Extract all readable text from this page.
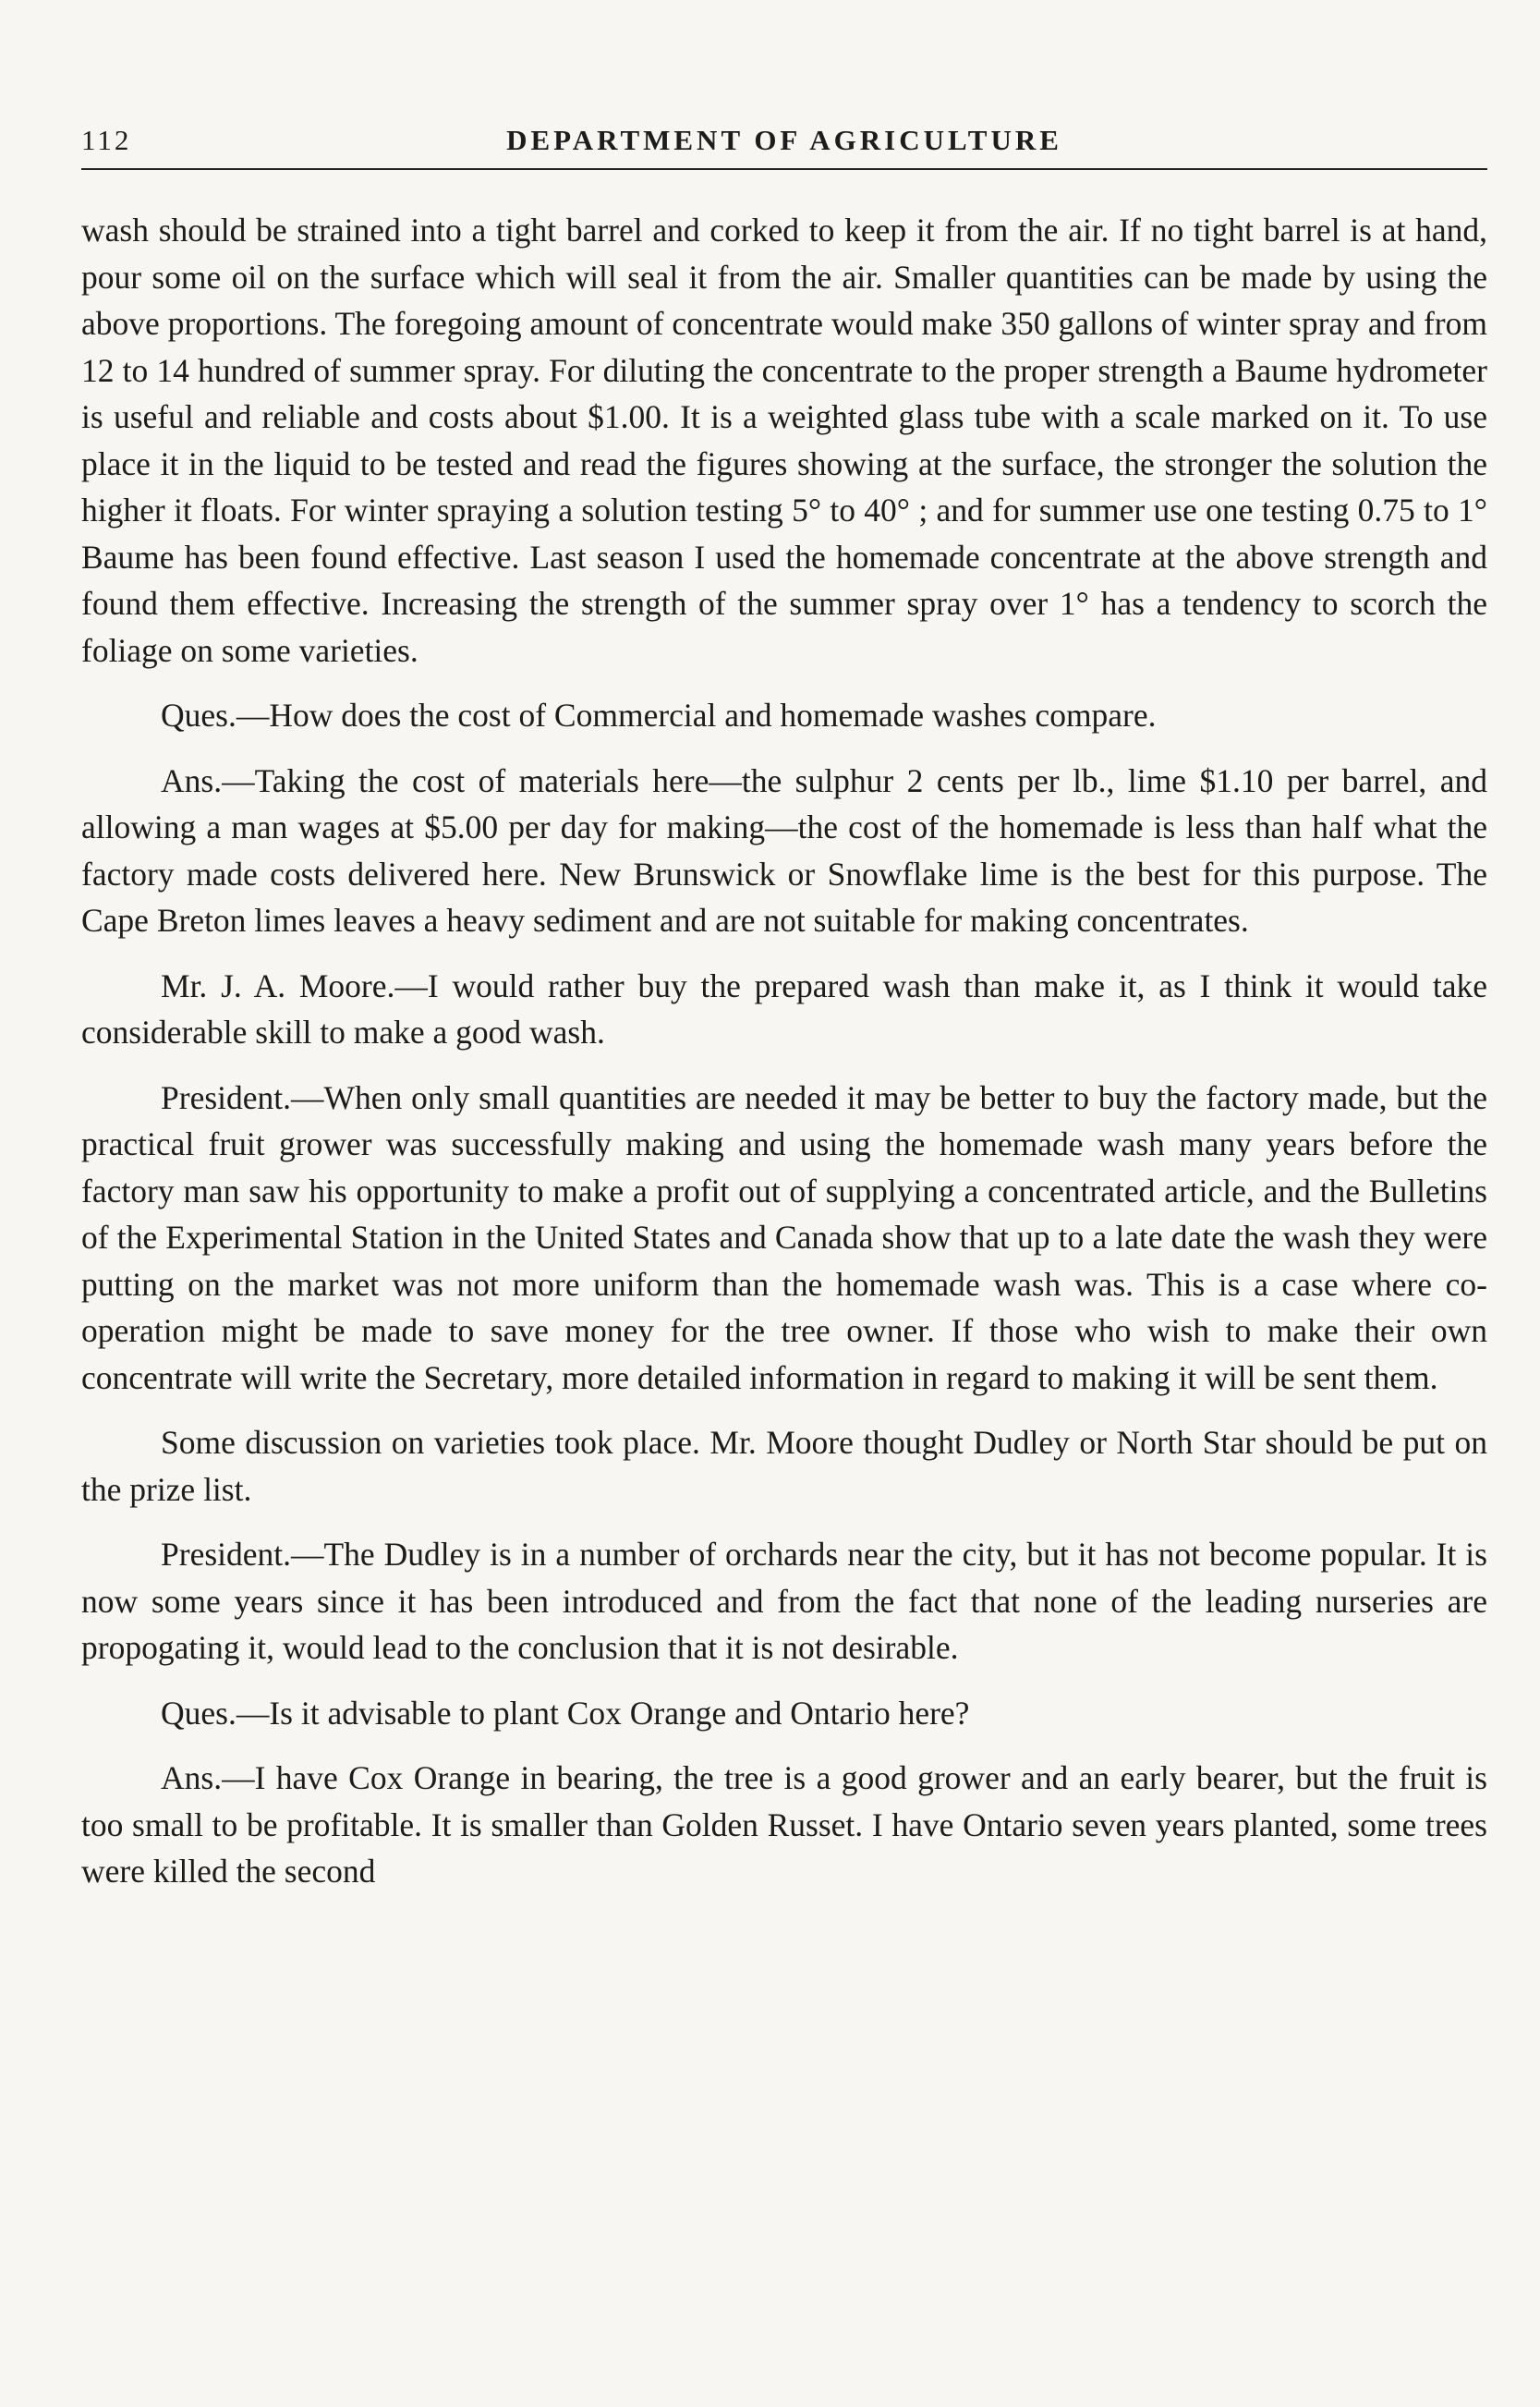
112	DEPARTMENT OF AGRICULTURE

wash should be strained into a tight barrel and corked to keep it from the air. If no tight barrel is at hand, pour some oil on the surface which will seal it from the air. Smaller quantities can be made by using the above proportions. The foregoing amount of concentrate would make 350 gallons of winter spray and from 12 to 14 hundred of summer spray. For diluting the concentrate to the proper strength a Baume hydrometer is useful and reliable and costs about $1.00. It is a weighted glass tube with a scale marked on it. To use place it in the liquid to be tested and read the figures showing at the surface, the stronger the solution the higher it floats. For winter spraying a solution testing 5° to 40° ; and for summer use one testing 0.75 to 1° Baume has been found effective. Last season I used the homemade concentrate at the above strength and found them effective. Increasing the strength of the summer spray over 1° has a tendency to scorch the foliage on some varieties.

Ques.—How does the cost of Commercial and homemade washes compare.

Ans.—Taking the cost of materials here—the sulphur 2 cents per lb., lime $1.10 per barrel, and allowing a man wages at $5.00 per day for making—the cost of the homemade is less than half what the factory made costs delivered here. New Brunswick or Snowflake lime is the best for this purpose. The Cape Breton limes leaves a heavy sediment and are not suitable for making concentrates.

Mr. J. A. Moore.—I would rather buy the prepared wash than make it, as I think it would take considerable skill to make a good wash.

President.—When only small quantities are needed it may be better to buy the factory made, but the practical fruit grower was successfully making and using the homemade wash many years before the factory man saw his opportunity to make a profit out of supplying a concentrated article, and the Bulletins of the Experimental Station in the United States and Canada show that up to a late date the wash they were putting on the market was not more uniform than the homemade wash was. This is a case where co-operation might be made to save money for the tree owner. If those who wish to make their own concentrate will write the Secretary, more detailed information in regard to making it will be sent them.

Some discussion on varieties took place. Mr. Moore thought Dudley or North Star should be put on the prize list.

President.—The Dudley is in a number of orchards near the city, but it has not become popular. It is now some years since it has been introduced and from the fact that none of the leading nurseries are propogating it, would lead to the conclusion that it is not desirable.

Ques.—Is it advisable to plant Cox Orange and Ontario here?

Ans.—I have Cox Orange in bearing, the tree is a good grower and an early bearer, but the fruit is too small to be profitable. It is smaller than Golden Russet. I have Ontario seven years planted, some trees were killed the second
